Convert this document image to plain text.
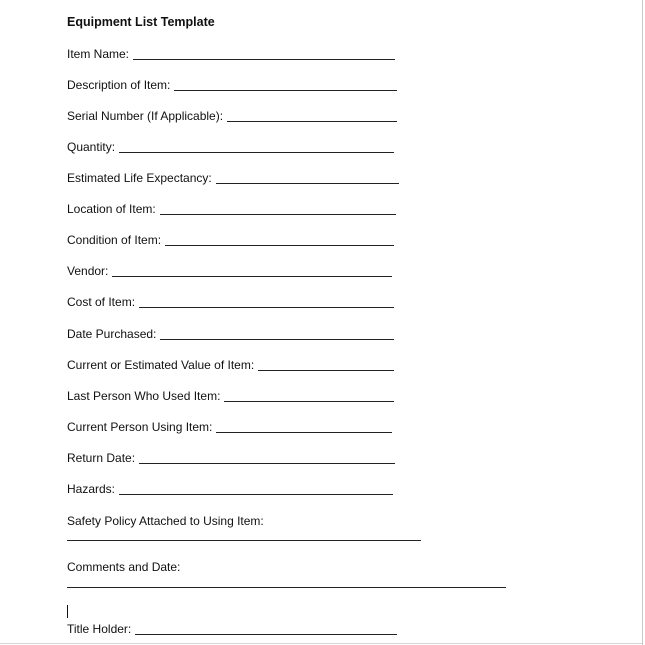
Equipment List Template
Item Name:
Description of Item:
Serial Number (If Applicable):
Quantity:
Estimated Life Expectancy:
Location of Item:
Condition of Item:
Vendor:
Cost of Item:
Date Purchased:
Current or Estimated Value of Item:
Last Person Who Used Item:
Current Person Using Item:
Return Date:
Hazards:
Safety Policy Attached to Using Item:
Comments and Date:
Title Holder:
